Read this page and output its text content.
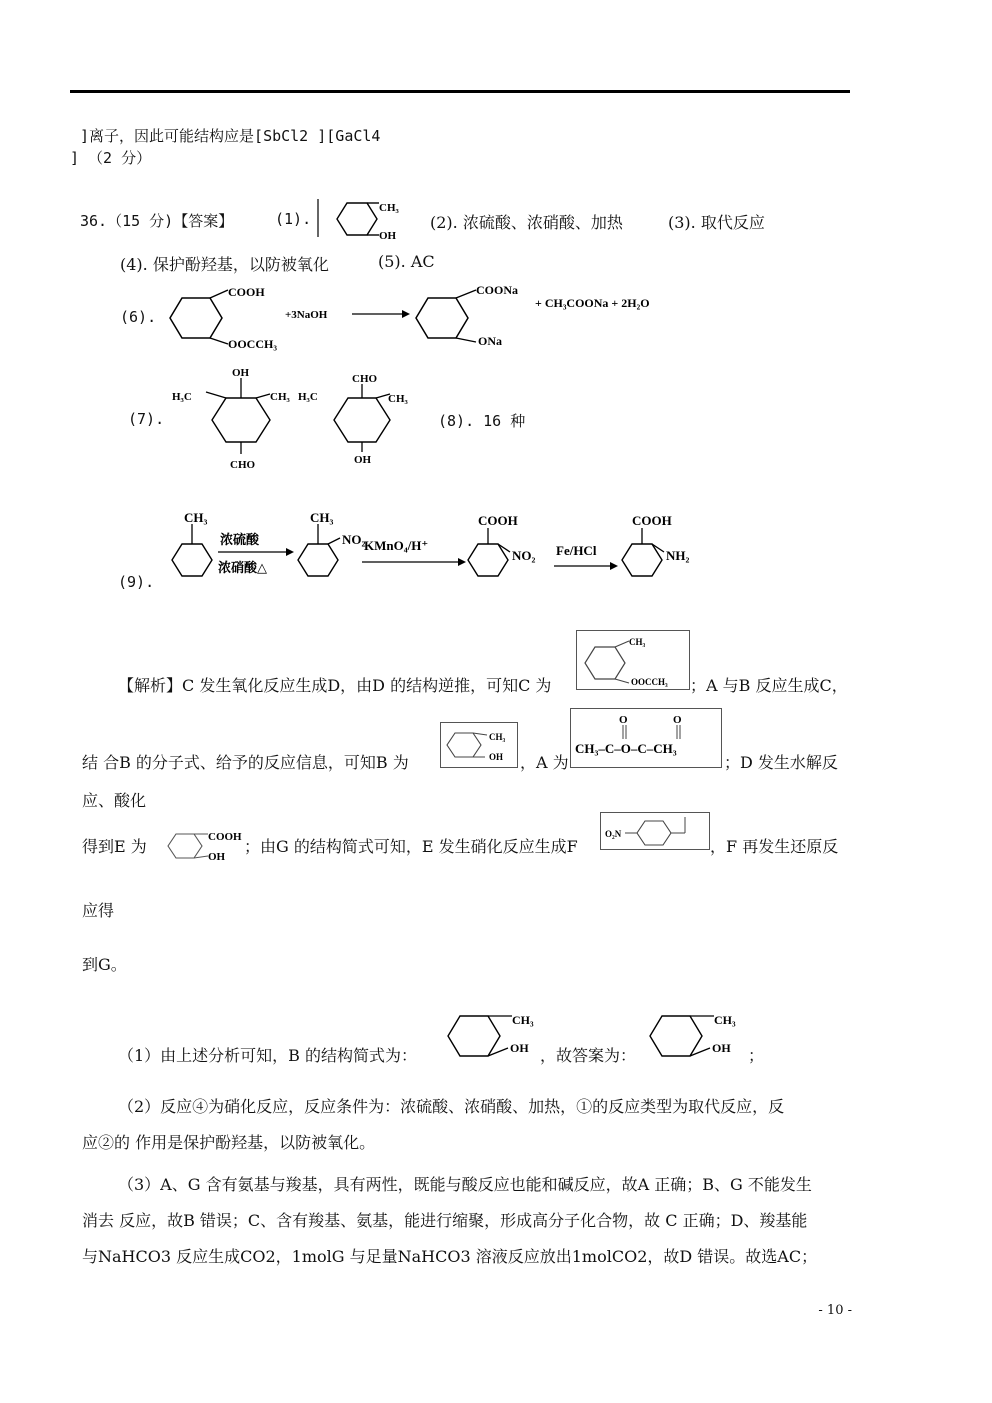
]离子，因此可能结构应是[SbCl2 ][GaCl4
] （2 分）
36.（15 分)【答案】	(1).
CH₃
OH
(2). 浓硫酸、浓硝酸、加热	(3). 取代反应
(4). 保护酚羟基，以防被氧化	(5). AC
(6).
COOH
OOCCH₃
+3NaOH
COONa
ONa
+ CH₃COONa + 2H₂O
(7).
OH
H₃C	CH₃
CHO
H₃C
CHO
CH₃
OH
(8). 16 种
(9).
CH₃
浓硫酸
浓硝酸△
CH₃
NO₂
KMnO₄/H⁺
COOH
NO₂ Fe/HCl
COOH
NH₂
【解析】C 发生氧化反应生成D，由D 的结构逆推，可知C 为
CH₃
OOCCH₃ ；A 与B 反应生成C，
结 合B 的分子式、给予的反应信息，可知B 为
CH₃
OH ，A 为
O	O
CH₃–C–O–C–CH₃
；D 发生水解反
应、酸化
得到E 为	COOH
OH
；由G 的结构简式可知，E 发生硝化反应生成F
O₂N
，F 再发生还原反
应得
到G。
（1）由上述分析可知，B 的结构简式为：
CH₃
OH ，故答案为：
CH₃
OH ；
（2）反应④为硝化反应，反应条件为：浓硫酸、浓硝酸、加热，①的反应类型为取代反应，反
应②的 作用是保护酚羟基，以防被氧化。
（3）A、G 含有氨基与羧基，具有两性，既能与酸反应也能和碱反应，故A 正确；B、G 不能发生
消去 反应，故B 错误；C、含有羧基、氨基，能进行缩聚，形成高分子化合物，故 C 正确；D、羧基能
与NaHCO3 反应生成CO2，1molG 与足量NaHCO3 溶液反应放出1molCO2，故D 错误。故选AC；
- 10 -
